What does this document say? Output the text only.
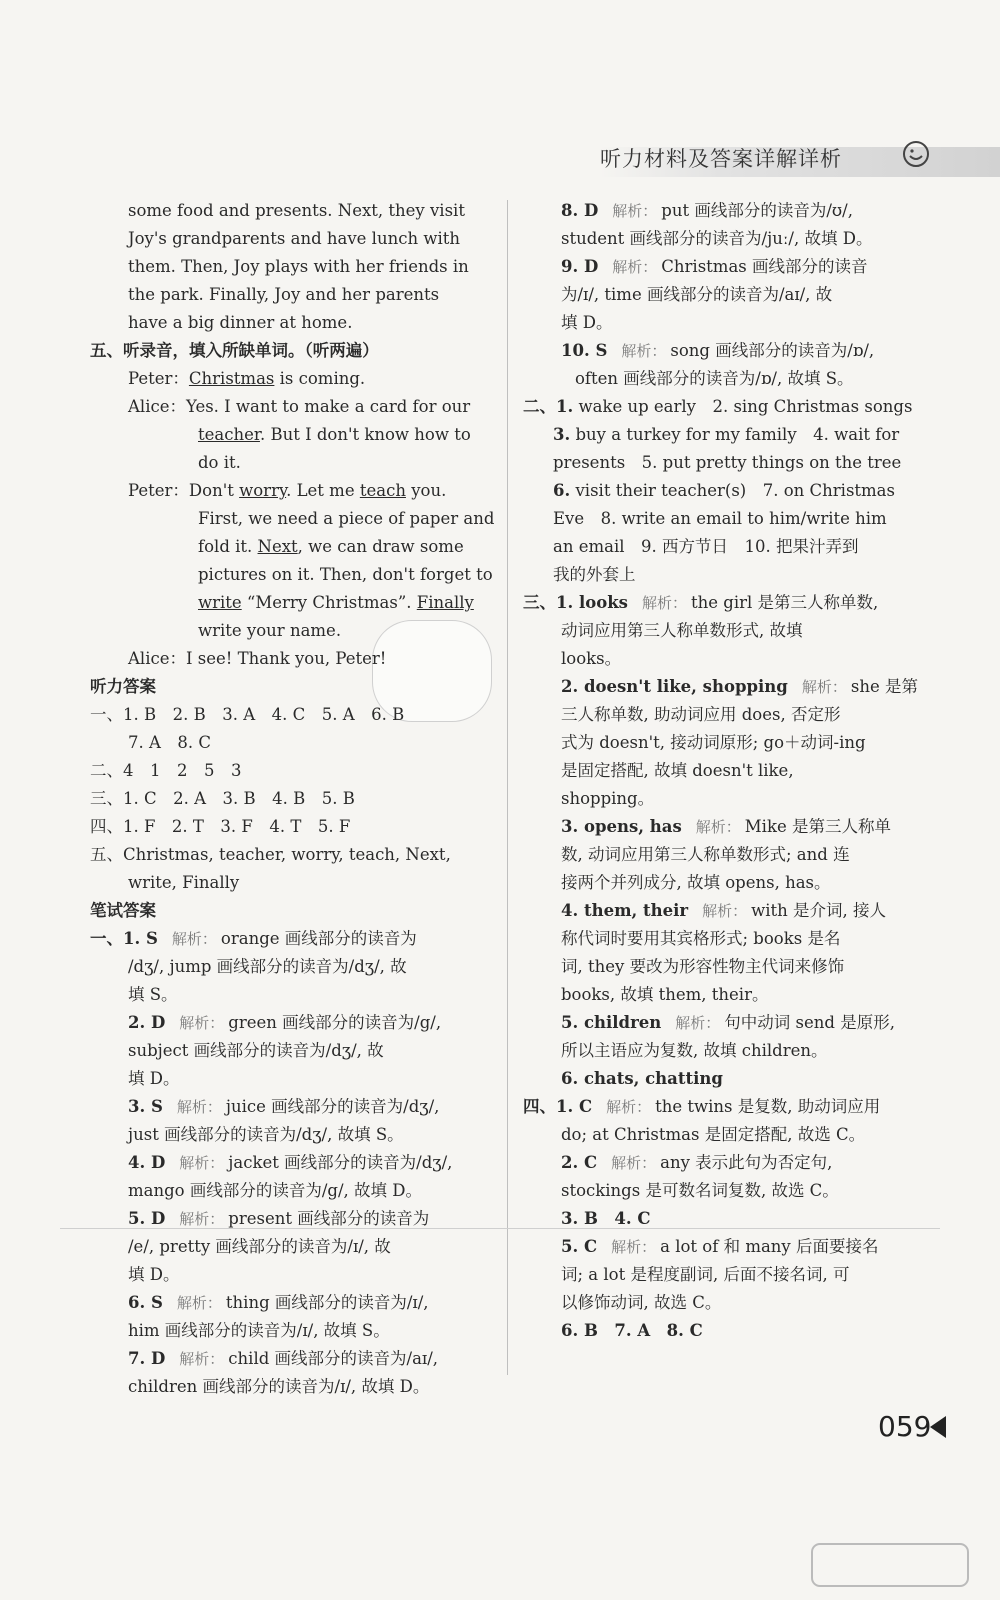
听力材料及答案详解详析
some food and presents. Next, they visit
Joy's grandparents and have lunch with
them. Then, Joy plays with her friends in
the park. Finally, Joy and her parents
have a big dinner at home.
五、听录音，填入所缺单词。（听两遍）
Peter：Christmas is coming.
Alice：Yes. I want to make a card for our
teacher. But I don't know how to
do it.
Peter：Don't worry. Let me teach you.
First, we need a piece of paper and
fold it. Next, we can draw some
pictures on it. Then, don't forget to
write “Merry Christmas”. Finally
write your name.
Alice：I see! Thank you, Peter!
听力答案
一、1. B　2. B　3. A　4. C　5. A　6. B
7. A　8. C
二、4　1　2　5　3
三、1. C　2. A　3. B　4. B　5. B
四、1. F　2. T　3. F　4. T　5. F
五、Christmas, teacher, worry, teach, Next,
write, Finally
笔试答案
一、1. S 解析： orange 画线部分的读音为
/dʒ/, jump 画线部分的读音为/dʒ/, 故
填 S。
2. D 解析： green 画线部分的读音为/g/,
subject 画线部分的读音为/dʒ/, 故
填 D。
3. S 解析： juice 画线部分的读音为/dʒ/,
just 画线部分的读音为/dʒ/, 故填 S。
4. D 解析： jacket 画线部分的读音为/dʒ/,
mango 画线部分的读音为/g/, 故填 D。
5. D 解析： present 画线部分的读音为
/e/, pretty 画线部分的读音为/ɪ/, 故
填 D。
6. S 解析： thing 画线部分的读音为/ɪ/,
him 画线部分的读音为/ɪ/, 故填 S。
7. D 解析： child 画线部分的读音为/aɪ/,
children 画线部分的读音为/ɪ/, 故填 D。
8. D 解析： put 画线部分的读音为/ʊ/,
student 画线部分的读音为/juː/, 故填 D。
9. D 解析： Christmas 画线部分的读音
为/ɪ/, time 画线部分的读音为/aɪ/, 故
填 D。
10. S 解析： song 画线部分的读音为/ɒ/,
often 画线部分的读音为/ɒ/, 故填 S。
二、1. wake up early　2. sing Christmas songs
3. buy a turkey for my family　4. wait for
presents　5. put pretty things on the tree
6. visit their teacher(s)　7. on Christmas
Eve　8. write an email to him/write him
an email　9. 西方节日　10. 把果汁弄到
我的外套上
三、1. looks 解析： the girl 是第三人称单数,
动词应用第三人称单数形式, 故填
looks。
2. doesn't like, shopping 解析： she 是第
三人称单数, 助动词应用 does, 否定形
式为 doesn't, 接动词原形; go＋动词-ing
是固定搭配, 故填 doesn't like,
shopping。
3. opens, has 解析： Mike 是第三人称单
数, 动词应用第三人称单数形式; and 连
接两个并列成分, 故填 opens, has。
4. them, their 解析： with 是介词, 接人
称代词时要用其宾格形式; books 是名
词, they 要改为形容性物主代词来修饰
books, 故填 them, their。
5. children 解析： 句中动词 send 是原形,
所以主语应为复数, 故填 children。
6. chats, chatting
四、1. C 解析： the twins 是复数, 助动词应用
do; at Christmas 是固定搭配, 故选 C。
2. C 解析： any 表示此句为否定句,
stockings 是可数名词复数, 故选 C。
3. B　4. C
5. C 解析： a lot of 和 many 后面要接名
词; a lot 是程度副词, 后面不接名词, 可
以修饰动词, 故选 C。
6. B　7. A　8. C
059
